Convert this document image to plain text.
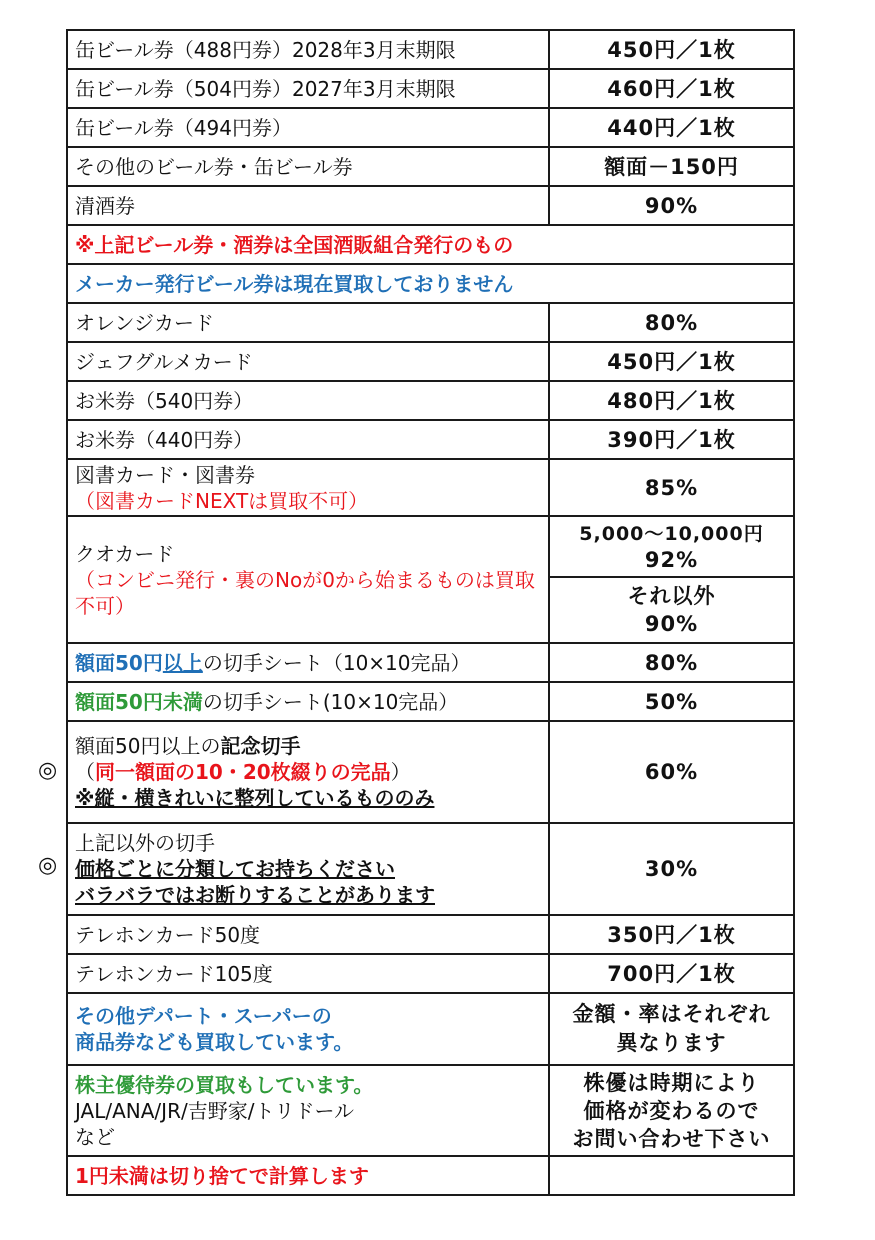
缶ビール券（488円券）2028年3月末期限	450円／1枚
缶ビール券（504円券）2027年3月末期限	460円／1枚
缶ビール券（494円券）	440円／1枚
その他のビール券・缶ビール券	額面－150円
清酒券	90%
※上記ビール券・酒券は全国酒販組合発行のもの	
メーカー発行ビール券は現在買取しておりません	
オレンジカード	80%
ジェフグルメカード	450円／1枚
お米券（540円券）	480円／1枚
お米券（440円券）	390円／1枚

図書カード・図書券
（図書カードNEXTは買取不可）	85%

クオカード
（コンビニ発行・裏のNoが0から始まるものは買取不可）	5,000～10,000円
92%

	それ以外
90%

額面50円以上の切手シート（10×10完品）	80%
額面50円未満の切手シート(10×10完品）	50%

額面50円以上の記念切手
（同一額面の10・20枚綴りの完品）
※縦・横きれいに整列しているもののみ	60%

上記以外の切手
価格ごとに分類してお持ちください
バラバラではお断りすることがあります	30%
テレホンカード50度	350円／1枚
テレホンカード105度	700円／1枚

その他デパート・スーパーの
商品券なども買取しています。	金額・率はそれぞれ
異なります

株主優待券の買取もしています。
JAL/ANA/JR/吉野家/トリドール
など	株優は時期により
価格が変わるので
お問い合わせ下さい

1円未満は切り捨てで計算します	
◎
◎
